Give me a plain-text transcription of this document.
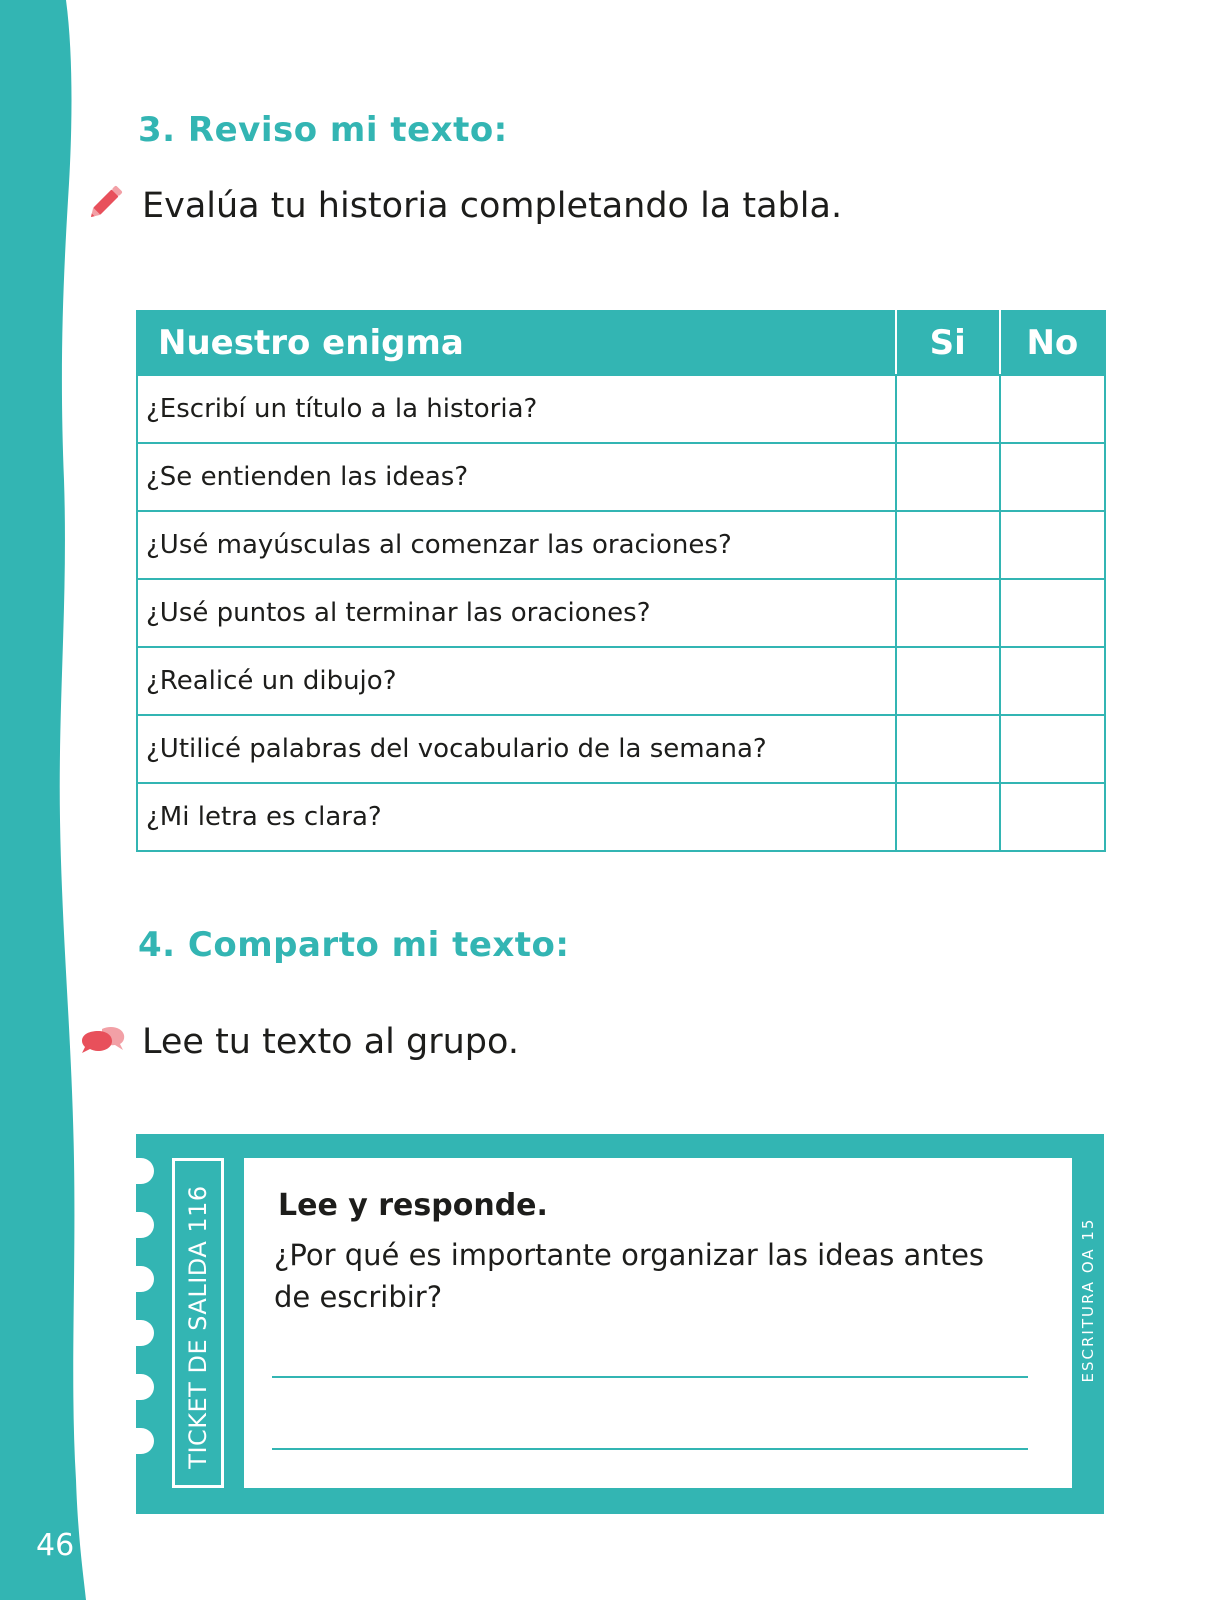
46
3. Reviso mi texto:
Evalúa tu historia completando la tabla.
Nuestro enigma	Si	No
¿Escribí un título a la historia?		
¿Se entienden las ideas?		
¿Usé mayúsculas al comenzar las oraciones?		
¿Usé puntos al terminar las oraciones?		
¿Realicé un dibujo?		
¿Utilicé palabras del vocabulario de la semana?		
¿Mi letra es clara?		
4. Comparto mi texto:
Lee tu texto al grupo.
TICKET DE SALIDA 116 Lee y responde.
¿Por qué es importante organizar las ideas antes de escribir?	ESCRITURA OA 15
